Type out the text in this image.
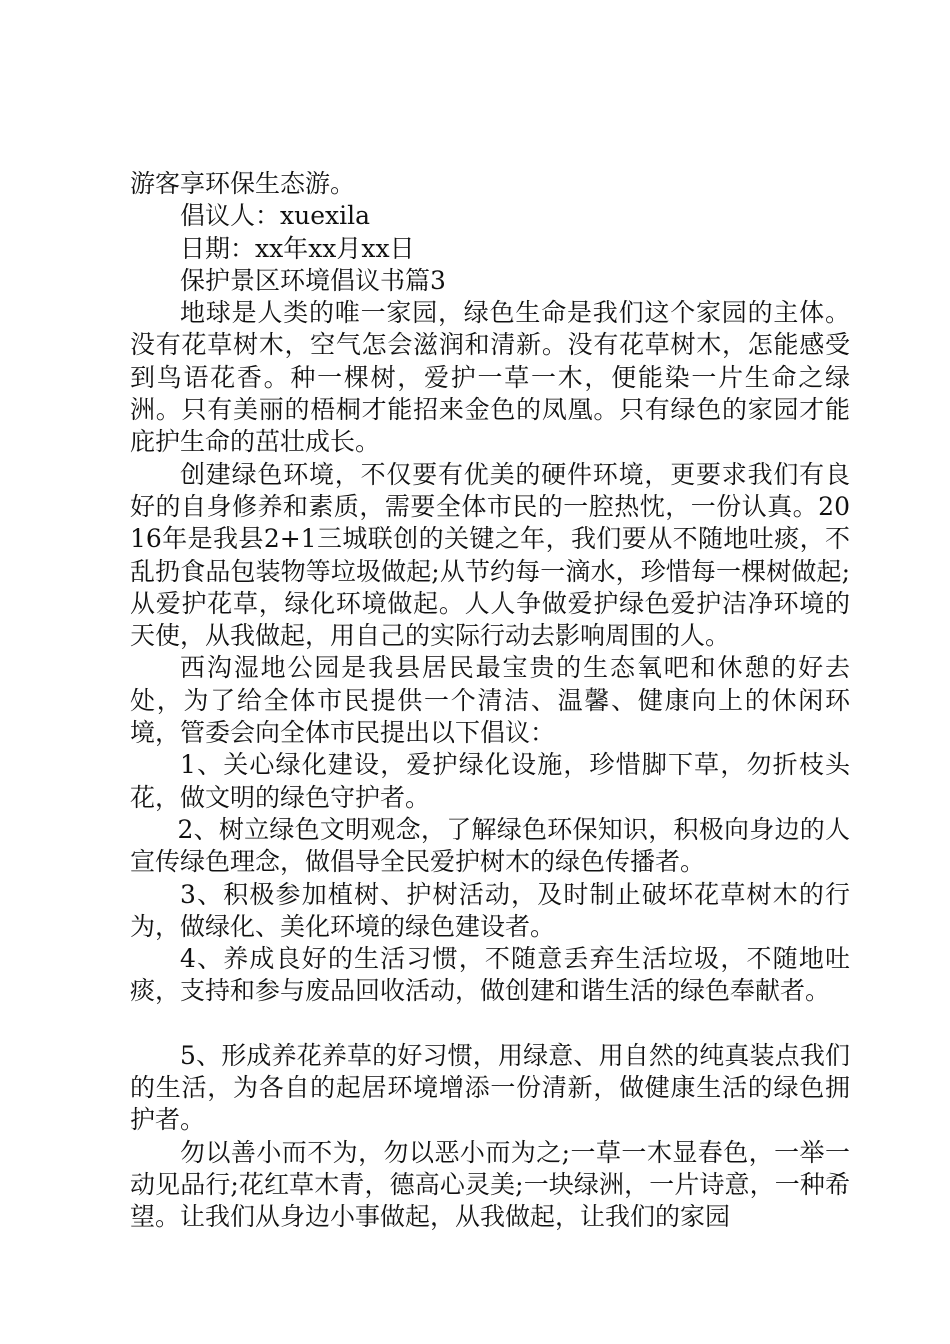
游客享环保生态游。

倡议人：xuexila

日期：xx年xx月xx日

保护景区环境倡议书篇3

地球是人类的唯一家园，绿色生命是我们这个家园的主体。没有花草树木，空气怎会滋润和清新。没有花草树木，怎能感受到鸟语花香。种一棵树，爱护一草一木，便能染一片生命之绿洲。只有美丽的梧桐才能招来金色的凤凰。只有绿色的家园才能庇护生命的茁壮成长。

创建绿色环境，不仅要有优美的硬件环境，更要求我们有良好的自身修养和素质，需要全体市民的一腔热忱，一份认真。2016年是我县2+1三城联创的关键之年，我们要从不随地吐痰，不乱扔食品包装物等垃圾做起;从节约每一滴水，珍惜每一棵树做起;从爱护花草，绿化环境做起。人人争做爱护绿色爱护洁净环境的天使，从我做起，用自己的实际行动去影响周围的人。

西沟湿地公园是我县居民最宝贵的生态氧吧和休憩的好去处，为了给全体市民提供一个清洁、温馨、健康向上的休闲环境，管委会向全体市民提出以下倡议：

1、关心绿化建设，爱护绿化设施，珍惜脚下草，勿折枝头花，做文明的绿色守护者。

2、树立绿色文明观念，了解绿色环保知识，积极向身边的人宣传绿色理念，做倡导全民爱护树木的绿色传播者。

3、积极参加植树、护树活动，及时制止破坏花草树木的行为，做绿化、美化环境的绿色建设者。

4、养成良好的生活习惯，不随意丢弃生活垃圾，不随地吐痰，支持和参与废品回收活动，做创建和谐生活的绿色奉献者。

5、形成养花养草的好习惯，用绿意、用自然的纯真装点我们的生活，为各自的起居环境增添一份清新，做健康生活的绿色拥护者。

勿以善小而不为，勿以恶小而为之;一草一木显春色，一举一动见品行;花红草木青，德高心灵美;一块绿洲，一片诗意，一种希望。让我们从身边小事做起，从我做起，让我们的家园
